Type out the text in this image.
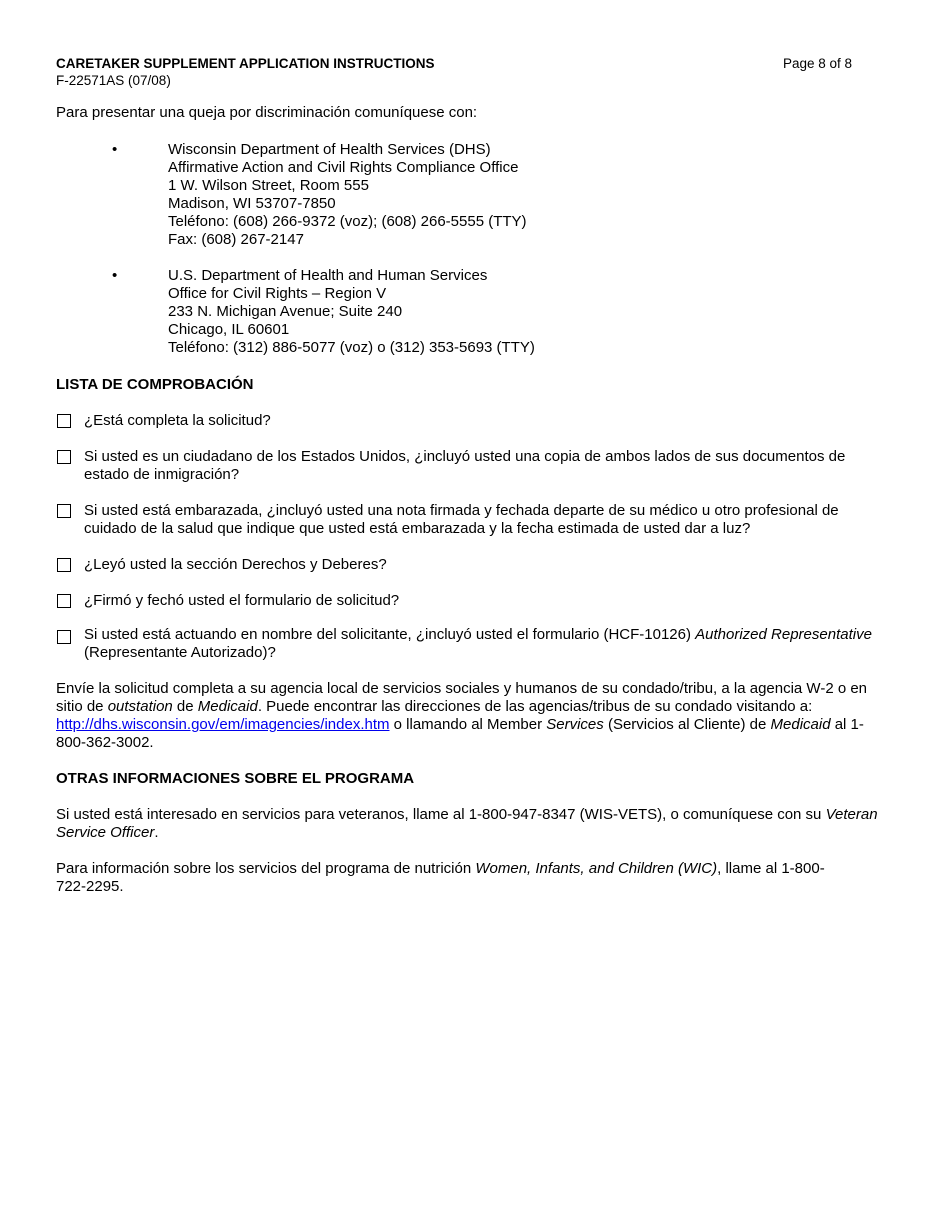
CARETAKER SUPPLEMENT APPLICATION INSTRUCTIONS
F-22571AS (07/08)
Page 8 of 8
Para presentar una queja por discriminación comuníquese con:
•	Wisconsin Department of Health Services (DHS)
Affirmative Action and Civil Rights Compliance Office
1 W. Wilson Street, Room 555
Madison, WI 53707-7850
Teléfono: (608) 266-9372 (voz); (608) 266-5555 (TTY)
Fax: (608) 267-2147
•	U.S. Department of Health and Human Services
Office for Civil Rights – Region V
233 N. Michigan Avenue; Suite 240
Chicago, IL 60601
Teléfono: (312) 886-5077 (voz) o (312) 353-5693 (TTY)
LISTA DE COMPROBACIÓN
¿Está completa la solicitud?
Si usted es un ciudadano de los Estados Unidos, ¿incluyó usted una copia de ambos lados de sus documentos de estado de inmigración?
Si usted está embarazada, ¿incluyó usted una nota firmada y fechada departe de su médico u otro profesional de cuidado de la salud que indique que usted está embarazada y la fecha estimada de usted dar a luz?
¿Leyó usted la sección Derechos y Deberes?
¿Firmó y fechó usted el formulario de solicitud?
Si usted está actuando en nombre del solicitante, ¿incluyó usted el formulario (HCF-10126) Authorized Representative (Representante Autorizado)?
Envíe la solicitud completa a su agencia local de servicios sociales y humanos de su condado/tribu, a la agencia W-2 o en sitio de outstation de Medicaid. Puede encontrar las direcciones de las agencias/tribus de su condado visitando a: http://dhs.wisconsin.gov/em/imagencies/index.htm o llamando al Member Services (Servicios al Cliente) de Medicaid al 1-800-362-3002.
OTRAS INFORMACIONES SOBRE EL PROGRAMA
Si usted está interesado en servicios para veteranos, llame al 1-800-947-8347 (WIS-VETS), o comuníquese con su Veteran Service Officer.
Para información sobre los servicios del programa de nutrición Women, Infants, and Children (WIC), llame al 1-800-722-2295.
